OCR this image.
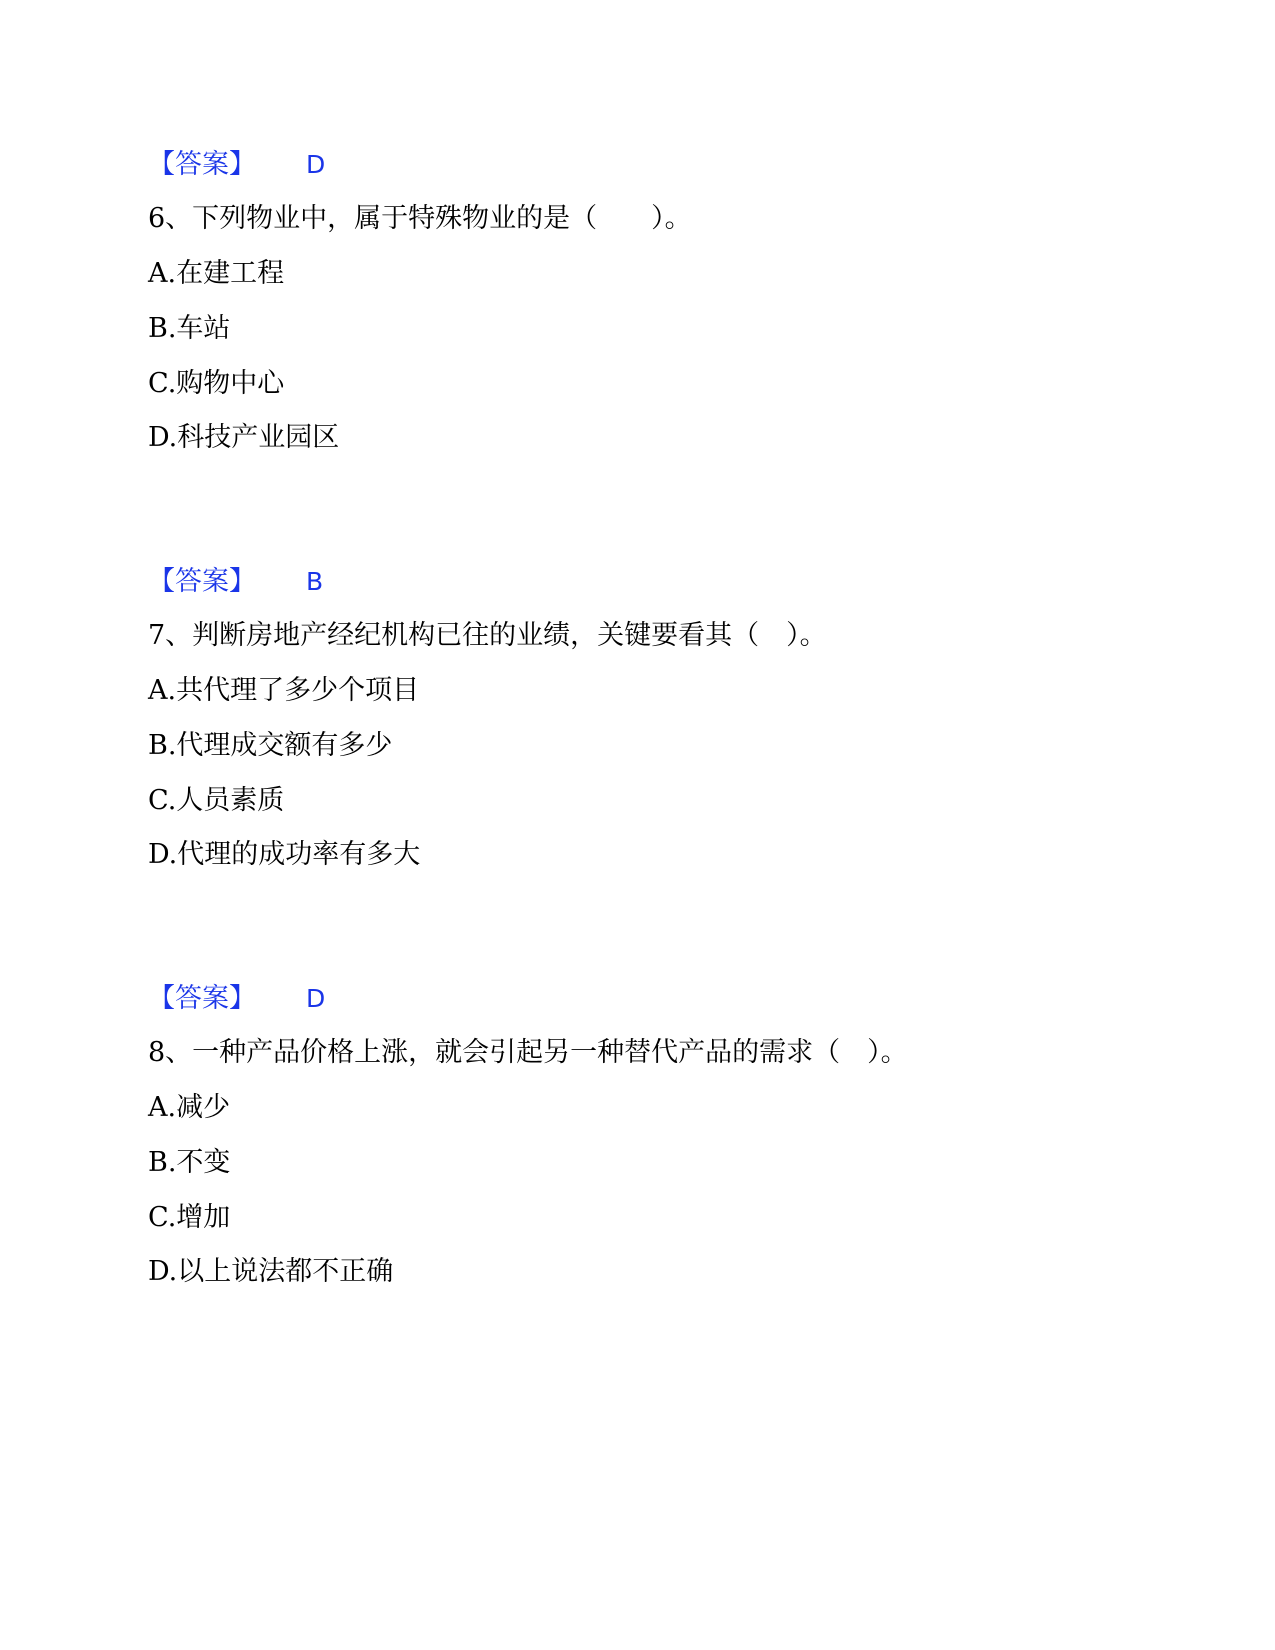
【答案】 D
6、下列物业中，属于特殊物业的是（　　）。
A.在建工程
B.车站
C.购物中心
D.科技产业园区
【答案】 B
7、判断房地产经纪机构已往的业绩，关键要看其（　）。
A.共代理了多少个项目
B.代理成交额有多少
C.人员素质
D.代理的成功率有多大
【答案】 D
8、一种产品价格上涨，就会引起另一种替代产品的需求（　）。
A.减少
B.不变
C.增加
D.以上说法都不正确
